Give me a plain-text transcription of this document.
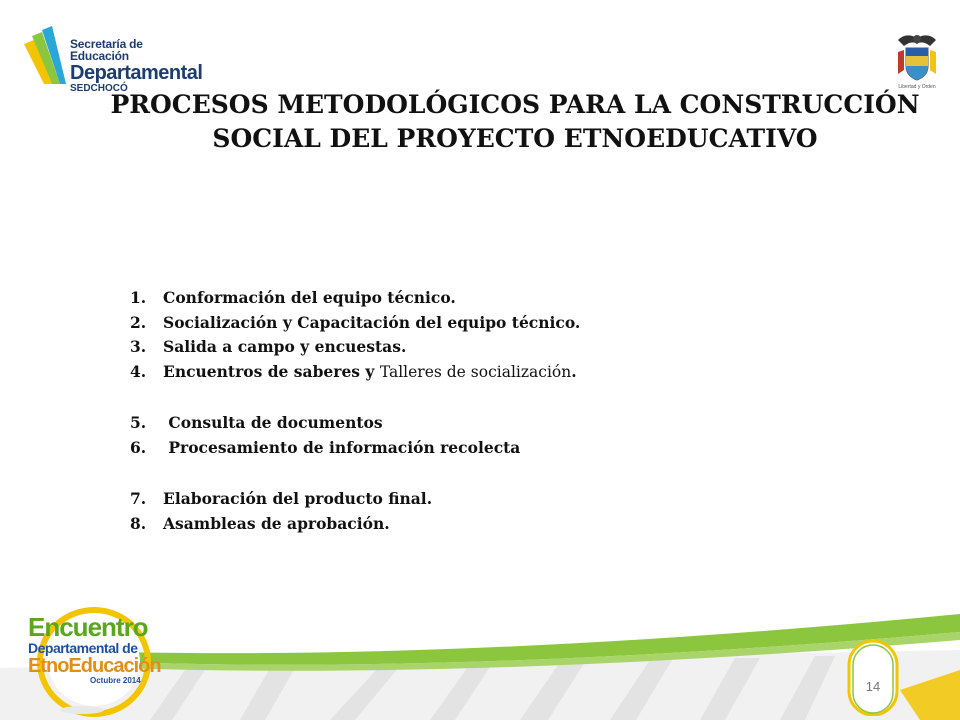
Secretaría de Educación
Departamental
SEDCHOCÓ	Libertad y Orden
PROCESOS METODOLÓGICOS PARA LA CONSTRUCCIÓN
SOCIAL DEL PROYECTO ETNOEDUCATIVO
1. Conformación del equipo técnico.
2. Socialización y Capacitación del equipo técnico.
3. Salida a campo y encuestas.
4. Encuentros de saberes y Talleres de socialización.
5. Consulta de documentos
6. Procesamiento de información recolecta
7. Elaboración del producto final.
8. Asambleas de aprobación.
Encuentro
Departamental de
EtnoEducación
Octubre 2014	14
